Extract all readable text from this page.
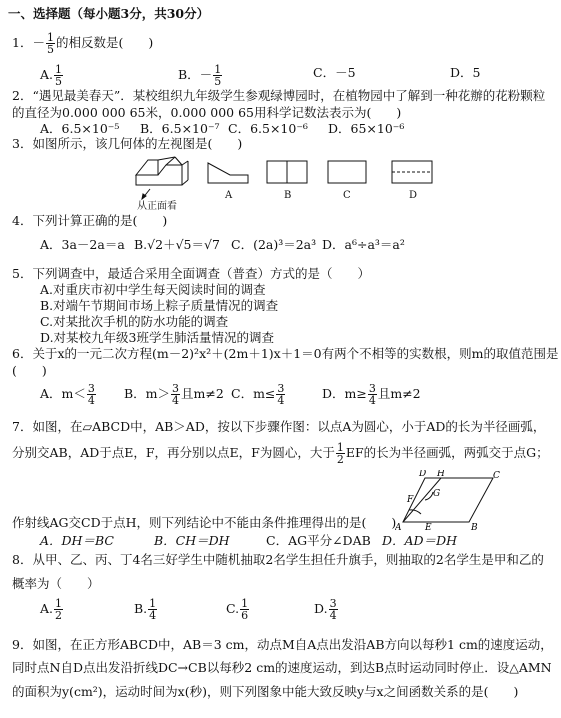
一、选择题（每小题3分，共30分）
1．－ $\frac{1}{5}$ 的相反数是(　　)
A. $\frac{1}{5}$	B．－ $\frac{1}{5}$	C．－5	D．5
2．“遇见最美春天”．某校组织九年级学生参观绿博园时，在植物园中了解到一种花辦的花粉颗粒
的直径为0.000 000 65米，0.000 000 65用科学记数法表示为(　　)
A．6.5×10⁻⁵ B．6.5×10⁻⁷ C．6.5×10⁻⁶ D．65×10⁻⁶
3．如图所示，该几何体的左视图是(　　)
从正面看
A	B	C	D
4．下列计算正确的是(　　)
A．3a－2a＝a B.√2＋√5＝√7 C．(2a)³＝2a³ D．a⁶÷a³＝a²
5．下列调查中，最适合采用全面调查（普查）方式的是（　　）
A.对重庆市初中学生每天阅读时间的调查
B.对端午节期间市场上粽子质量情况的调查
C.对某批次手机的防水功能的调查
D.对某校九年级3班学生肺活量情况的调查
6．关于x的一元二次方程(m－2)²x²＋(2m＋1)x＋1＝0有两个不相等的实数根，则m的取值范围是
(　　)
A．$m< \frac{3}{4}$ B．$m> \frac{3}{4}$ 且m≠2 C．$m\le \frac{3}{4}$	D．$m\ge \frac{3}{4}$ 且m≠2
7．如图，在▱ABCD中，AB＞AD，按以下步骤作图：以点A为圆心，小于AD的长为半径画弧，
分别交AB，AD于点E，F，再分别以点E，F为圆心，大于 $\frac{1}{2}$ EF的长为半径画弧，两弧交于点G；
A
D H	C
F
G
E	B
作射线AG交CD于点H，则下列结论中不能由条件推理得出的是(　　)
A．DH＝BC	B．CH＝DH	C．AG平分∠DAB D．AD＝DH
8．从甲、乙、丙、丁4名三好学生中随机抽取2名学生担任升旗手，则抽取的2名学生是甲和乙的
概率为（　　）
A. $\frac{1}{2}$	B. $\frac{1}{4}$	C. $\frac{1}{6}$	D. $\frac{3}{4}$
9．如图，在正方形ABCD中，AB＝3 cm，动点M自A点出发沿AB方向以每秒1 cm的速度运动，
同时点N自D点出发沿折线DC→CB以每秒2 cm的速度运动，到达B点时运动同时停止．设△AMN
的面积为y(cm²)，运动时间为x(秒)，则下列图象中能大致反映y与x之间函数关系的是(　　)
